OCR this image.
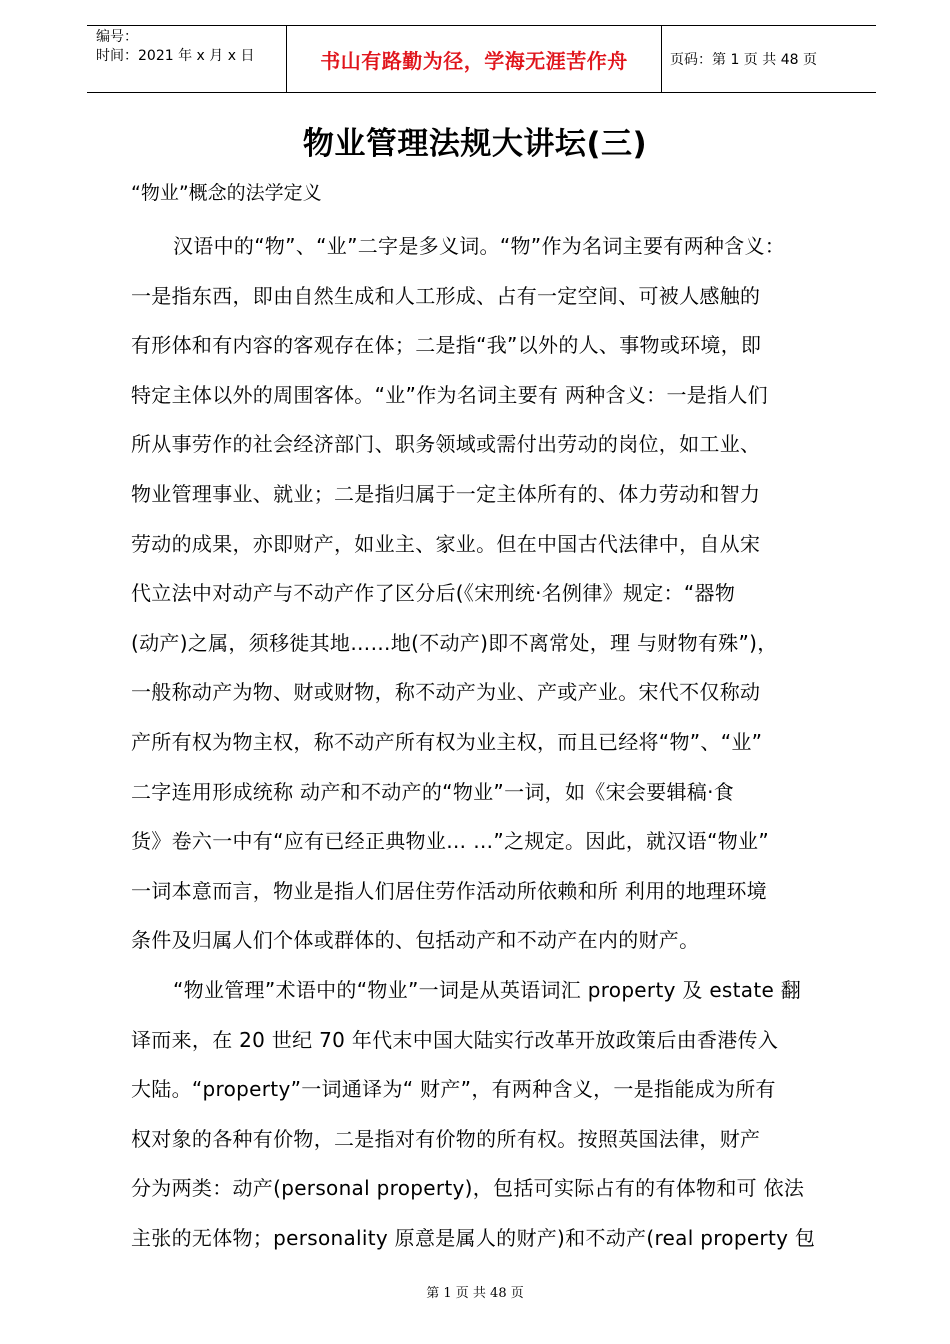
编号：
时间：2021 年 x 月 x 日	书山有路勤为径，学海无涯苦作舟	页码：第 1 页 共 48 页
物业管理法规大讲坛(三)
“物业”概念的法学定义
汉语中的“物”、“业”二字是多义词。“物”作为名词主要有两种含义：
一是指东西，即由自然生成和人工形成、占有一定空间、可被人感触的
有形体和有内容的客观存在体；二是指“我”以外的人、事物或环境，即
特定主体以外的周围客体。“业”作为名词主要有 两种含义：一是指人们
所从事劳作的社会经济部门、职务领域或需付出劳动的岗位，如工业、
物业管理事业、就业；二是指归属于一定主体所有的、体力劳动和智力
劳动的成果，亦即财产，如业主、家业。但在中国古代法律中，自从宋
代立法中对动产与不动产作了区分后(《宋刑统·名例律》规定：“器物
(动产)之属，须移徙其地……地(不动产)即不离常处，理 与财物有殊”)，
一般称动产为物、财或财物，称不动产为业、产或产业。宋代不仅称动
产所有权为物主权，称不动产所有权为业主权，而且已经将“物”、“业”
二字连用形成统称 动产和不动产的“物业”一词，如《宋会要辑稿·食
货》卷六一中有“应有已经正典物业… …”之规定。因此，就汉语“物业”
一词本意而言，物业是指人们居住劳作活动所依赖和所 利用的地理环境
条件及归属人们个体或群体的、包括动产和不动产在内的财产。
“物业管理”术语中的“物业”一词是从英语词汇 property 及 estate 翻
译而来，在 20 世纪 70 年代末中国大陆实行改革开放政策后由香港传入
大陆。“property”一词通译为“ 财产”，有两种含义，一是指能成为所有
权对象的各种有价物，二是指对有价物的所有权。按照英国法律，财产
分为两类：动产(personal property)，包括可实际占有的有体物和可 依法
主张的无体物；personality 原意是属人的财产)和不动产(real property 包
第 1 页 共 48 页
